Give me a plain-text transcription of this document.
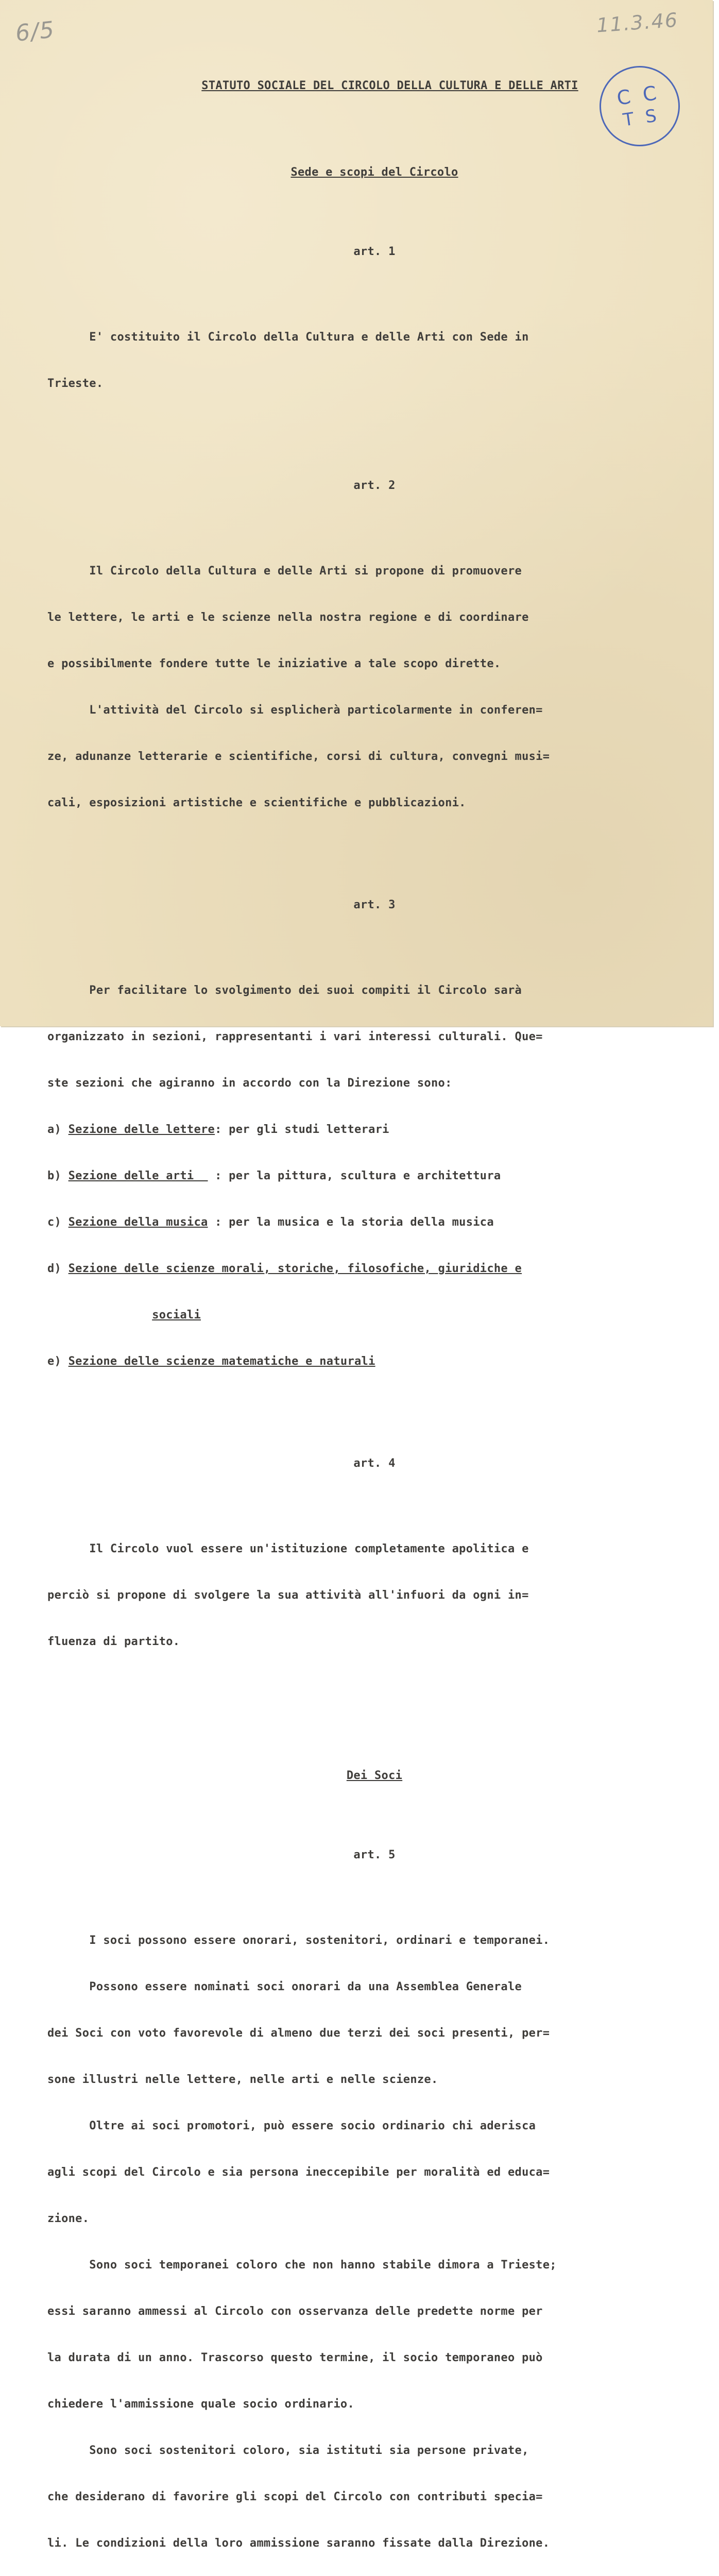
6/5	11.3.46
C C
T S

STATUTO SOCIALE DEL CIRCOLO DELLA CULTURA E DELLE ARTI

Sede e scopi del Circolo

art. 1

E' costituito il Circolo della Cultura e delle Arti con Sede in

Trieste.

art. 2

Il Circolo della Cultura e delle Arti si propone di promuovere

le lettere, le arti e le scienze nella nostra regione e di coordinare

e possibilmente fondere tutte le iniziative a tale scopo dirette.

L'attività del Circolo si esplicherà particolarmente in conferen=

ze, adunanze letterarie e scientifiche, corsi di cultura, convegni musi=

cali, esposizioni artistiche e scientifiche e pubblicazioni.

art. 3

Per facilitare lo svolgimento dei suoi compiti il Circolo sarà

organizzato in sezioni, rappresentanti i vari interessi culturali. Que=

ste sezioni che agiranno in accordo con la Direzione sono:

a) Sezione delle lettere: per gli studi letterari

b) Sezione delle arti   : per la pittura, scultura e architettura

c) Sezione della musica : per la musica e la storia della musica

d) Sezione delle scienze morali, storiche, filosofiche, giuridiche e

sociali

e) Sezione delle scienze matematiche e naturali

art. 4

Il Circolo vuol essere un'istituzione completamente apolitica e

perciò si propone di svolgere la sua attività all'infuori da ogni in=

fluenza di partito.

Dei Soci

art. 5

I soci possono essere onorari, sostenitori, ordinari e temporanei.

Possono essere nominati soci onorari da una Assemblea Generale

dei Soci con voto favorevole di almeno due terzi dei soci presenti, per=

sone illustri nelle lettere, nelle arti e nelle scienze.

Oltre ai soci promotori, può essere socio ordinario chi aderisca

agli scopi del Circolo e sia persona ineccepibile per moralità ed educa=

zione.

Sono soci temporanei coloro che non hanno stabile dimora a Trieste;

essi saranno ammessi al Circolo con osservanza delle predette norme per

la durata di un anno. Trascorso questo termine, il socio temporaneo può

chiedere l'ammissione quale socio ordinario.

Sono soci sostenitori coloro, sia istituti sia persone private,

che desiderano di favorire gli scopi del Circolo con contributi specia=

li. Le condizioni della loro ammissione saranno fissate dalla Direzione.
